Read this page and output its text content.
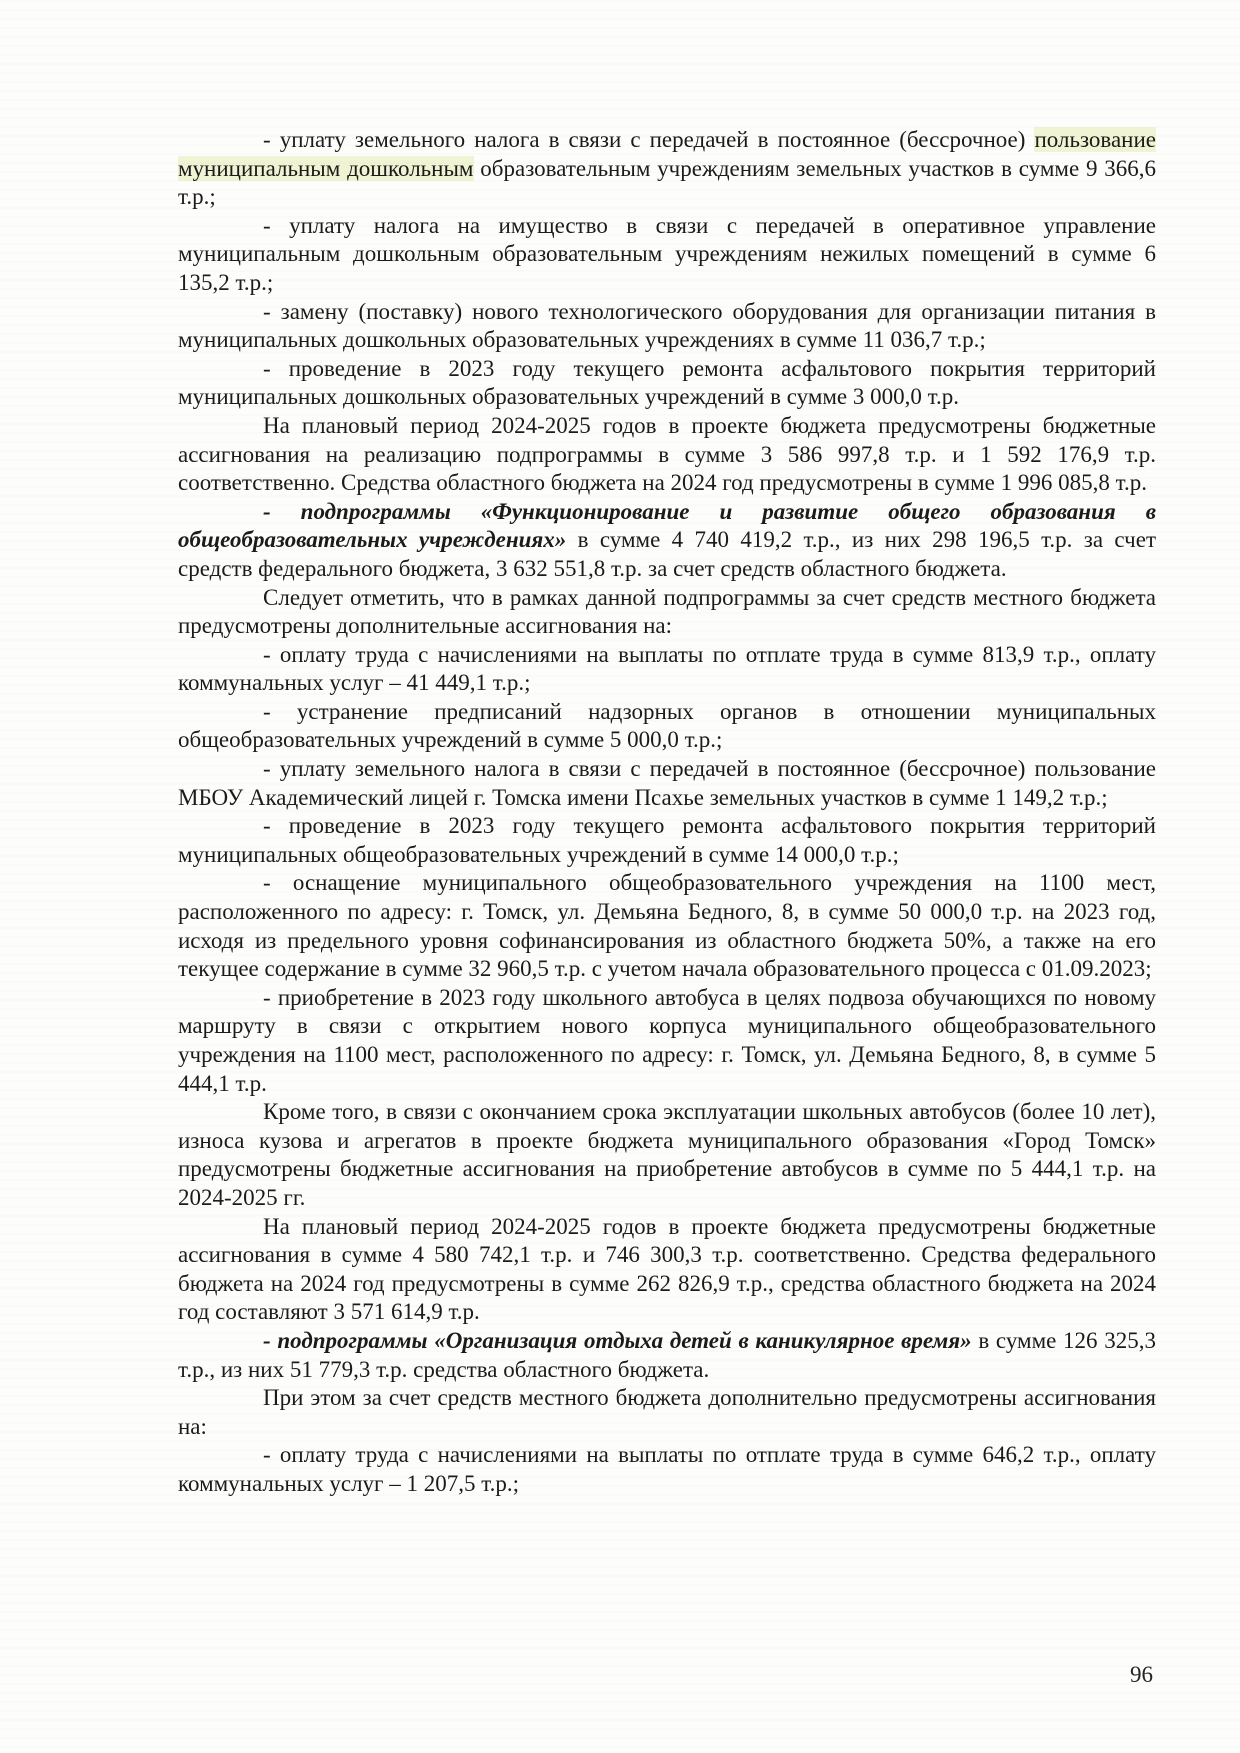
- уплату земельного налога в связи с передачей в постоянное (бессрочное) пользование муниципальным дошкольным образовательным учреждениям земельных участков в сумме 9 366,6 т.р.;

- уплату налога на имущество в связи с передачей в оперативное управление муниципальным дошкольным образовательным учреждениям нежилых помещений в сумме 6 135,2 т.р.;

- замену (поставку) нового технологического оборудования для организации питания в муниципальных дошкольных образовательных учреждениях в сумме 11 036,7 т.р.;

- проведение в 2023 году текущего ремонта асфальтового покрытия территорий муниципальных дошкольных образовательных учреждений в сумме 3 000,0 т.р.

На плановый период 2024-2025 годов в проекте бюджета предусмотрены бюджетные ассигнования на реализацию подпрограммы в сумме 3 586 997,8 т.р. и 1 592 176,9 т.р. соответственно. Средства областного бюджета на 2024 год предусмотрены в сумме 1 996 085,8 т.р.

- подпрограммы «Функционирование и развитие общего образования в общеобразовательных учреждениях» в сумме 4 740 419,2 т.р., из них 298 196,5 т.р. за счет средств федерального бюджета, 3 632 551,8 т.р. за счет средств областного бюджета.

Следует отметить, что в рамках данной подпрограммы за счет средств местного бюджета предусмотрены дополнительные ассигнования на:

- оплату труда с начислениями на выплаты по отплате труда в сумме 813,9 т.р., оплату коммунальных услуг – 41 449,1 т.р.;

- устранение предписаний надзорных органов в отношении муниципальных общеобразовательных учреждений в сумме 5 000,0 т.р.;

- уплату земельного налога в связи с передачей в постоянное (бессрочное) пользование МБОУ Академический лицей г. Томска имени Псахье земельных участков в сумме 1 149,2 т.р.;

- проведение в 2023 году текущего ремонта асфальтового покрытия территорий муниципальных общеобразовательных учреждений в сумме 14 000,0 т.р.;

- оснащение муниципального общеобразовательного учреждения на 1100 мест, расположенного по адресу: г. Томск, ул. Демьяна Бедного, 8, в сумме 50 000,0 т.р. на 2023 год, исходя из предельного уровня софинансирования из областного бюджета 50%, а также на его текущее содержание в сумме 32 960,5 т.р. с учетом начала образовательного процесса с 01.09.2023;

- приобретение в 2023 году школьного автобуса в целях подвоза обучающихся по новому маршруту в связи с открытием нового корпуса муниципального общеобразовательного учреждения на 1100 мест, расположенного по адресу: г. Томск, ул. Демьяна Бедного, 8, в сумме 5 444,1 т.р.

Кроме того, в связи с окончанием срока эксплуатации школьных автобусов (более 10 лет), износа кузова и агрегатов в проекте бюджета муниципального образования «Город Томск» предусмотрены бюджетные ассигнования на приобретение автобусов в сумме по 5 444,1 т.р. на 2024-2025 гг.

На плановый период 2024-2025 годов в проекте бюджета предусмотрены бюджетные ассигнования в сумме 4 580 742,1 т.р. и 746 300,3 т.р. соответственно. Средства федерального бюджета на 2024 год предусмотрены в сумме 262 826,9 т.р., средства областного бюджета на 2024 год составляют 3 571 614,9 т.р.

- подпрограммы «Организация отдыха детей в каникулярное время» в сумме 126 325,3 т.р., из них 51 779,3 т.р. средства областного бюджета.

При этом за счет средств местного бюджета дополнительно предусмотрены ассигнования на:

- оплату труда с начислениями на выплаты по отплате труда в сумме 646,2 т.р., оплату коммунальных услуг – 1 207,5 т.р.;

96
